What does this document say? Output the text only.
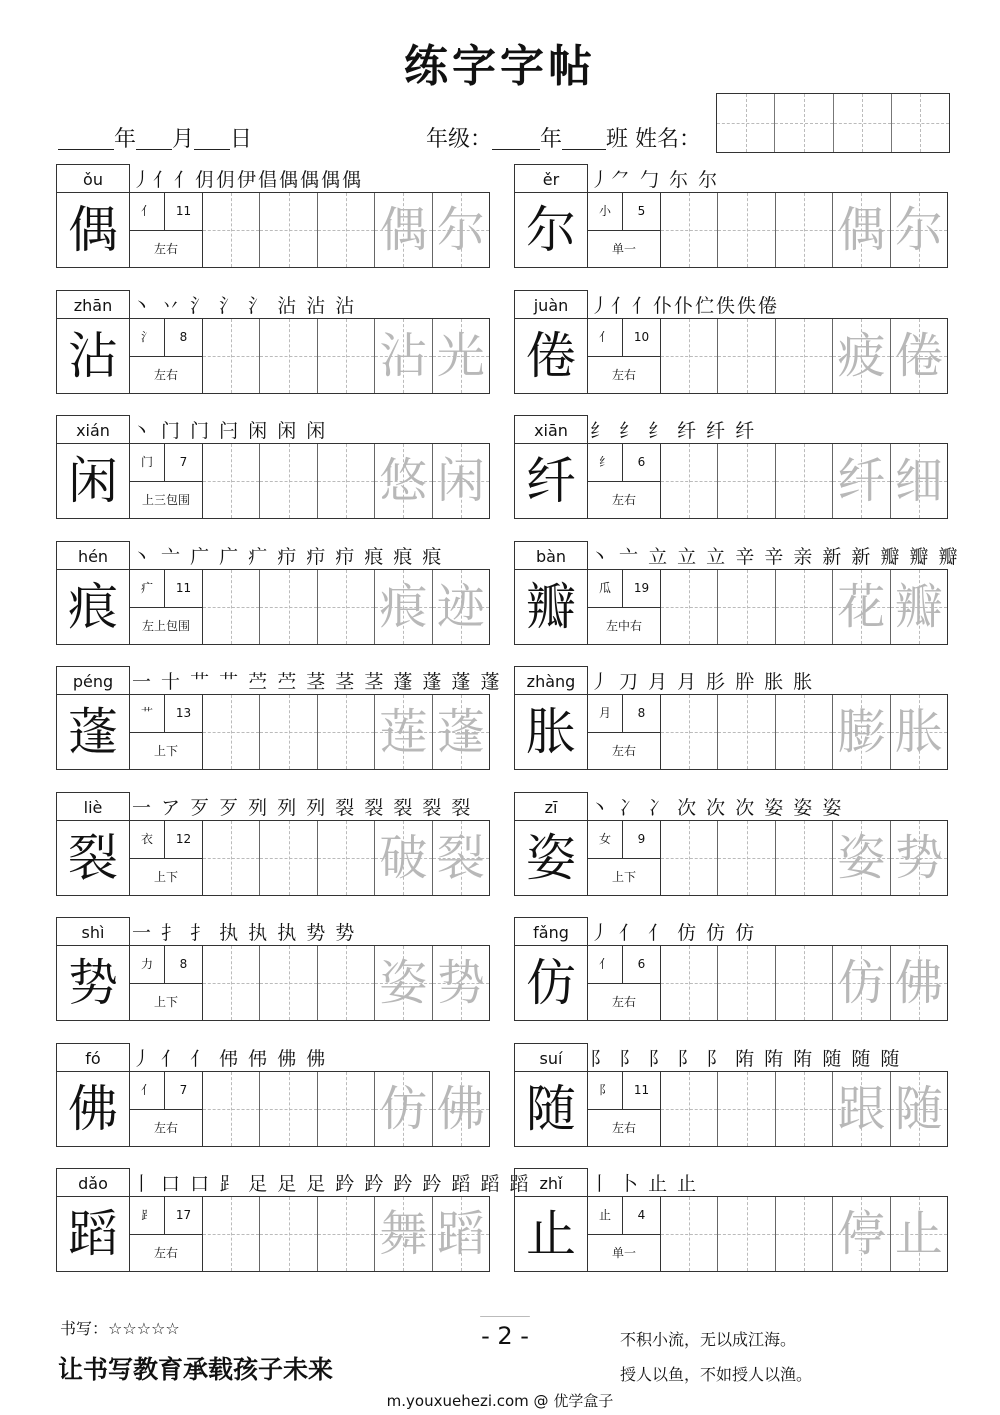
练字字帖
年 月 日	年级： 年 班 姓名：
ǒu	丿亻亻仴仴伊倡偶偶偶偶
偶	亻	11
左右	偶 尔
ěr	丿⺈ 勹 尓 尔
尔	小	5
单一	偶 尔
zhān	丶 丷 氵 氵 氵 沾 沾 沾
沾	氵	8
左右	沾 光
juàn	丿亻亻仆仆伫佚佚倦
倦	亻	10
左右	疲 倦
xián	丶 门 门 闩 闲 闲 闲
闲	门	7
上三包围	悠 闲
xiān	纟 纟 纟 纤 纤 纤
纤	纟	6
左右	纤 细
hén	丶 亠 广 广 疒 疖 疖 疖 痕 痕 痕
痕	疒	11
左上包围	痕 迹
bàn	丶 亠 立 立 立 辛 辛 亲 新 新 瓣 瓣 瓣
瓣	瓜	19
左中右	花 瓣
péng 一 十 艹 艹 苎 苎 茎 茎 茎 蓬 蓬 蓬 蓬
蓬	艹	13
上下	莲 蓬
zhàng 丿 刀 月 月 肜 肸 胀 胀
胀	月	8
左右	膨 胀
liè	一 ア 歹 歹 列 列 列 裂 裂 裂 裂 裂
裂	衣	12
上下	破 裂
zī	丶 冫 冫 次 次 次 姿 姿 姿
姿	女	9
上下	姿 势
shì	一 扌 扌 执 执 执 势 势
势	力	8
上下	姿 势
fǎng	丿 亻 亻 仿 仿 仿
仿	亻	6
左右	仿 佛
fó	丿 亻 亻 伄 伄 佛 佛
佛	亻	7
左右	仿 佛
suí	阝 阝 阝 阝 阝 陏 陏 陏 随 随 随
随	阝	11
左右	跟 随
dǎo	丨 口 口 ⻊ 足 足 足 趻 趻 趻 趻 蹈 蹈 蹈
蹈	⻊	17
左右	舞 蹈
zhǐ	丨 卜 止 止
止	止	4
单一	停 止
书写：☆☆☆☆☆
让书写教育承载孩子未来
- 2 -	不积小流，无以成江海。
授人以鱼，不如授人以渔。
m.youxuehezi.com @ 优学盒子
